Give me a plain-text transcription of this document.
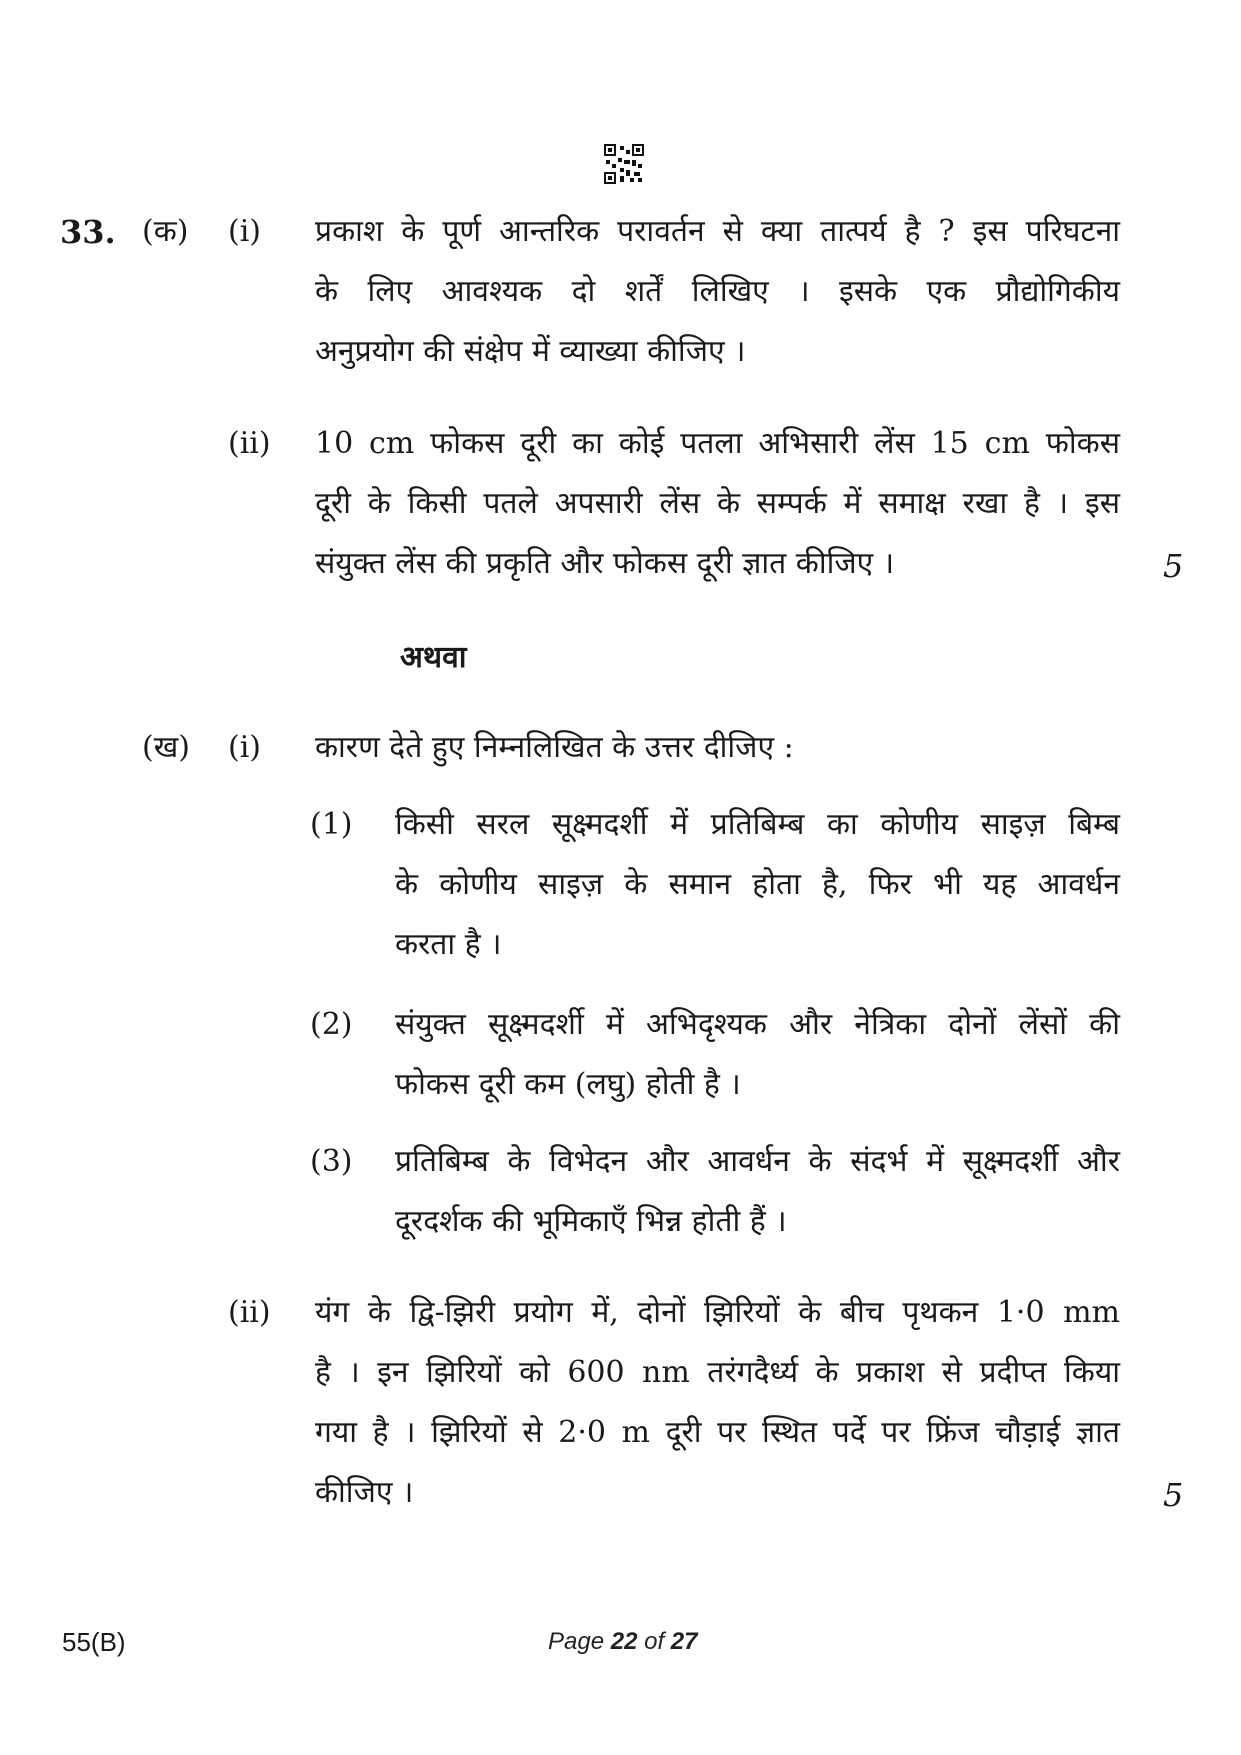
33. (क) (i) प्रकाश के पूर्ण आन्तरिक परावर्तन से क्या तात्पर्य है ? इस परिघटना
के लिए आवश्यक दो शर्तें लिखिए । इसके एक प्रौद्योगिकीय
अनुप्रयोग की संक्षेप में व्याख्या कीजिए ।
(ii) 10 cm फोकस दूरी का कोई पतला अभिसारी लेंस 15 cm फोकस
दूरी के किसी पतले अपसारी लेंस के सम्पर्क में समाक्ष रखा है । इस
संयुक्त लेंस की प्रकृति और फोकस दूरी ज्ञात कीजिए ।	5
अथवा
(ख) (i) कारण देते हुए निम्नलिखित के उत्तर दीजिए :
(1) किसी सरल सूक्ष्मदर्शी में प्रतिबिम्ब का कोणीय साइज़ बिम्ब
के कोणीय साइज़ के समान होता है, फिर भी यह आवर्धन
करता है ।
(2) संयुक्त सूक्ष्मदर्शी में अभिदृश्यक और नेत्रिका दोनों लेंसों की
फोकस दूरी कम (लघु) होती है ।
(3) प्रतिबिम्ब के विभेदन और आवर्धन के संदर्भ में सूक्ष्मदर्शी और
दूरदर्शक की भूमिकाएँ भिन्न होती हैं ।
(ii) यंग के द्वि-झिरी प्रयोग में, दोनों झिरियों के बीच पृथकन 1·0 mm
है । इन झिरियों को 600 nm तरंगदैर्ध्य के प्रकाश से प्रदीप्त किया
गया है । झिरियों से 2·0 m दूरी पर स्थित पर्दे पर फ्रिंज चौड़ाई ज्ञात
कीजिए ।	5
55(B)	Page 22 of 27
